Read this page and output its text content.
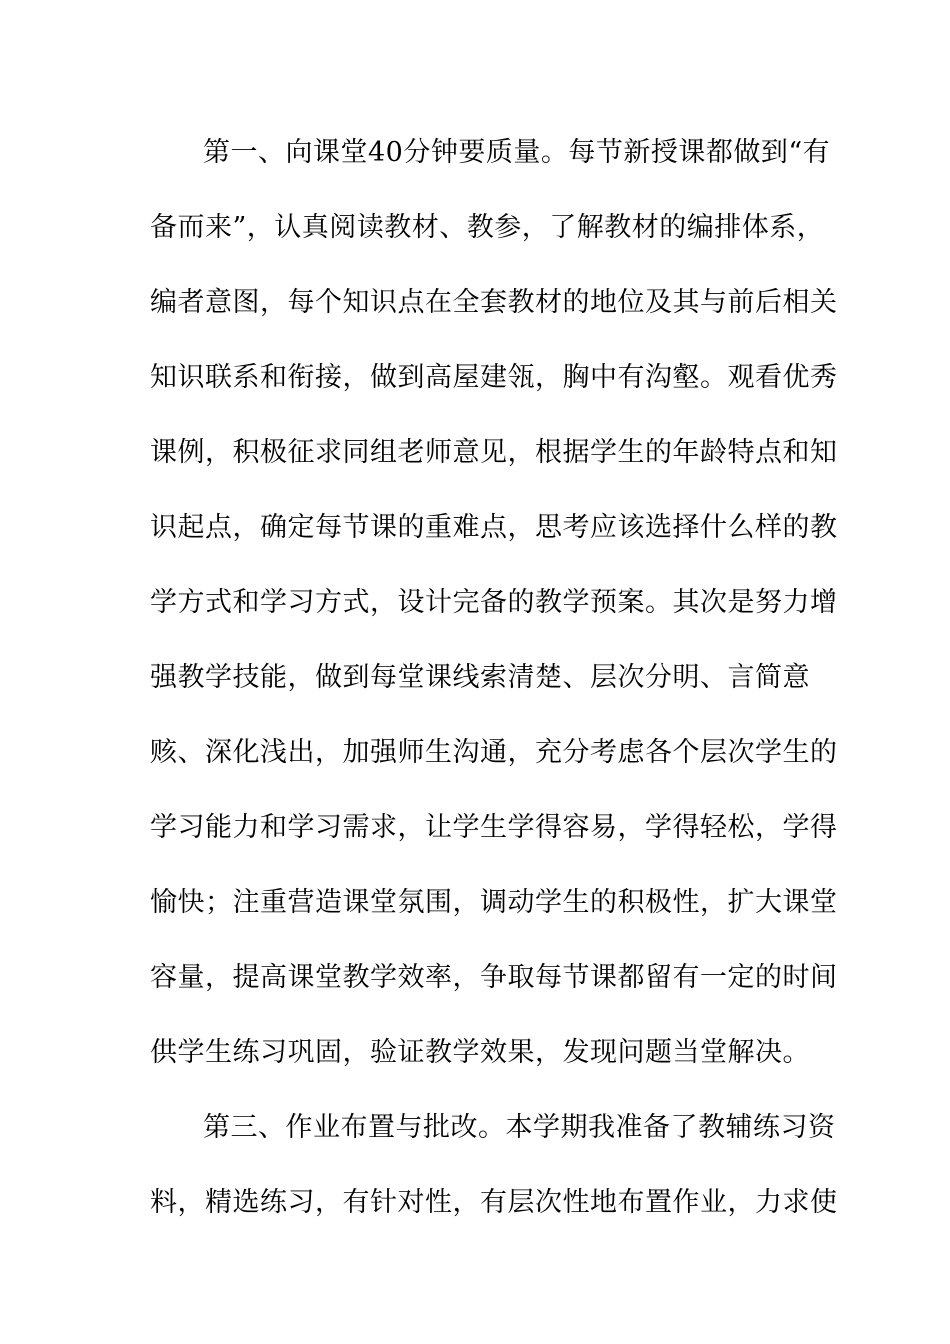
第一、向课堂40分钟要质量。每节新授课都做到“有
备而来”，认真阅读教材、教参，了解教材的编排体系，
编者意图，每个知识点在全套教材的地位及其与前后相关
知识联系和衔接，做到高屋建瓴，胸中有沟壑。观看优秀
课例，积极征求同组老师意见，根据学生的年龄特点和知
识起点，确定每节课的重难点，思考应该选择什么样的教
学方式和学习方式，设计完备的教学预案。其次是努力增
强教学技能，做到每堂课线索清楚、层次分明、言简意
赅、深化浅出，加强师生沟通，充分考虑各个层次学生的
学习能力和学习需求，让学生学得容易，学得轻松，学得
愉快；注重营造课堂氛围，调动学生的积极性，扩大课堂
容量，提高课堂教学效率，争取每节课都留有一定的时间
供学生练习巩固，验证教学效果，发现问题当堂解决。
第三、作业布置与批改。本学期我准备了教辅练习资
料，精选练习，有针对性，有层次性地布置作业，力求使
